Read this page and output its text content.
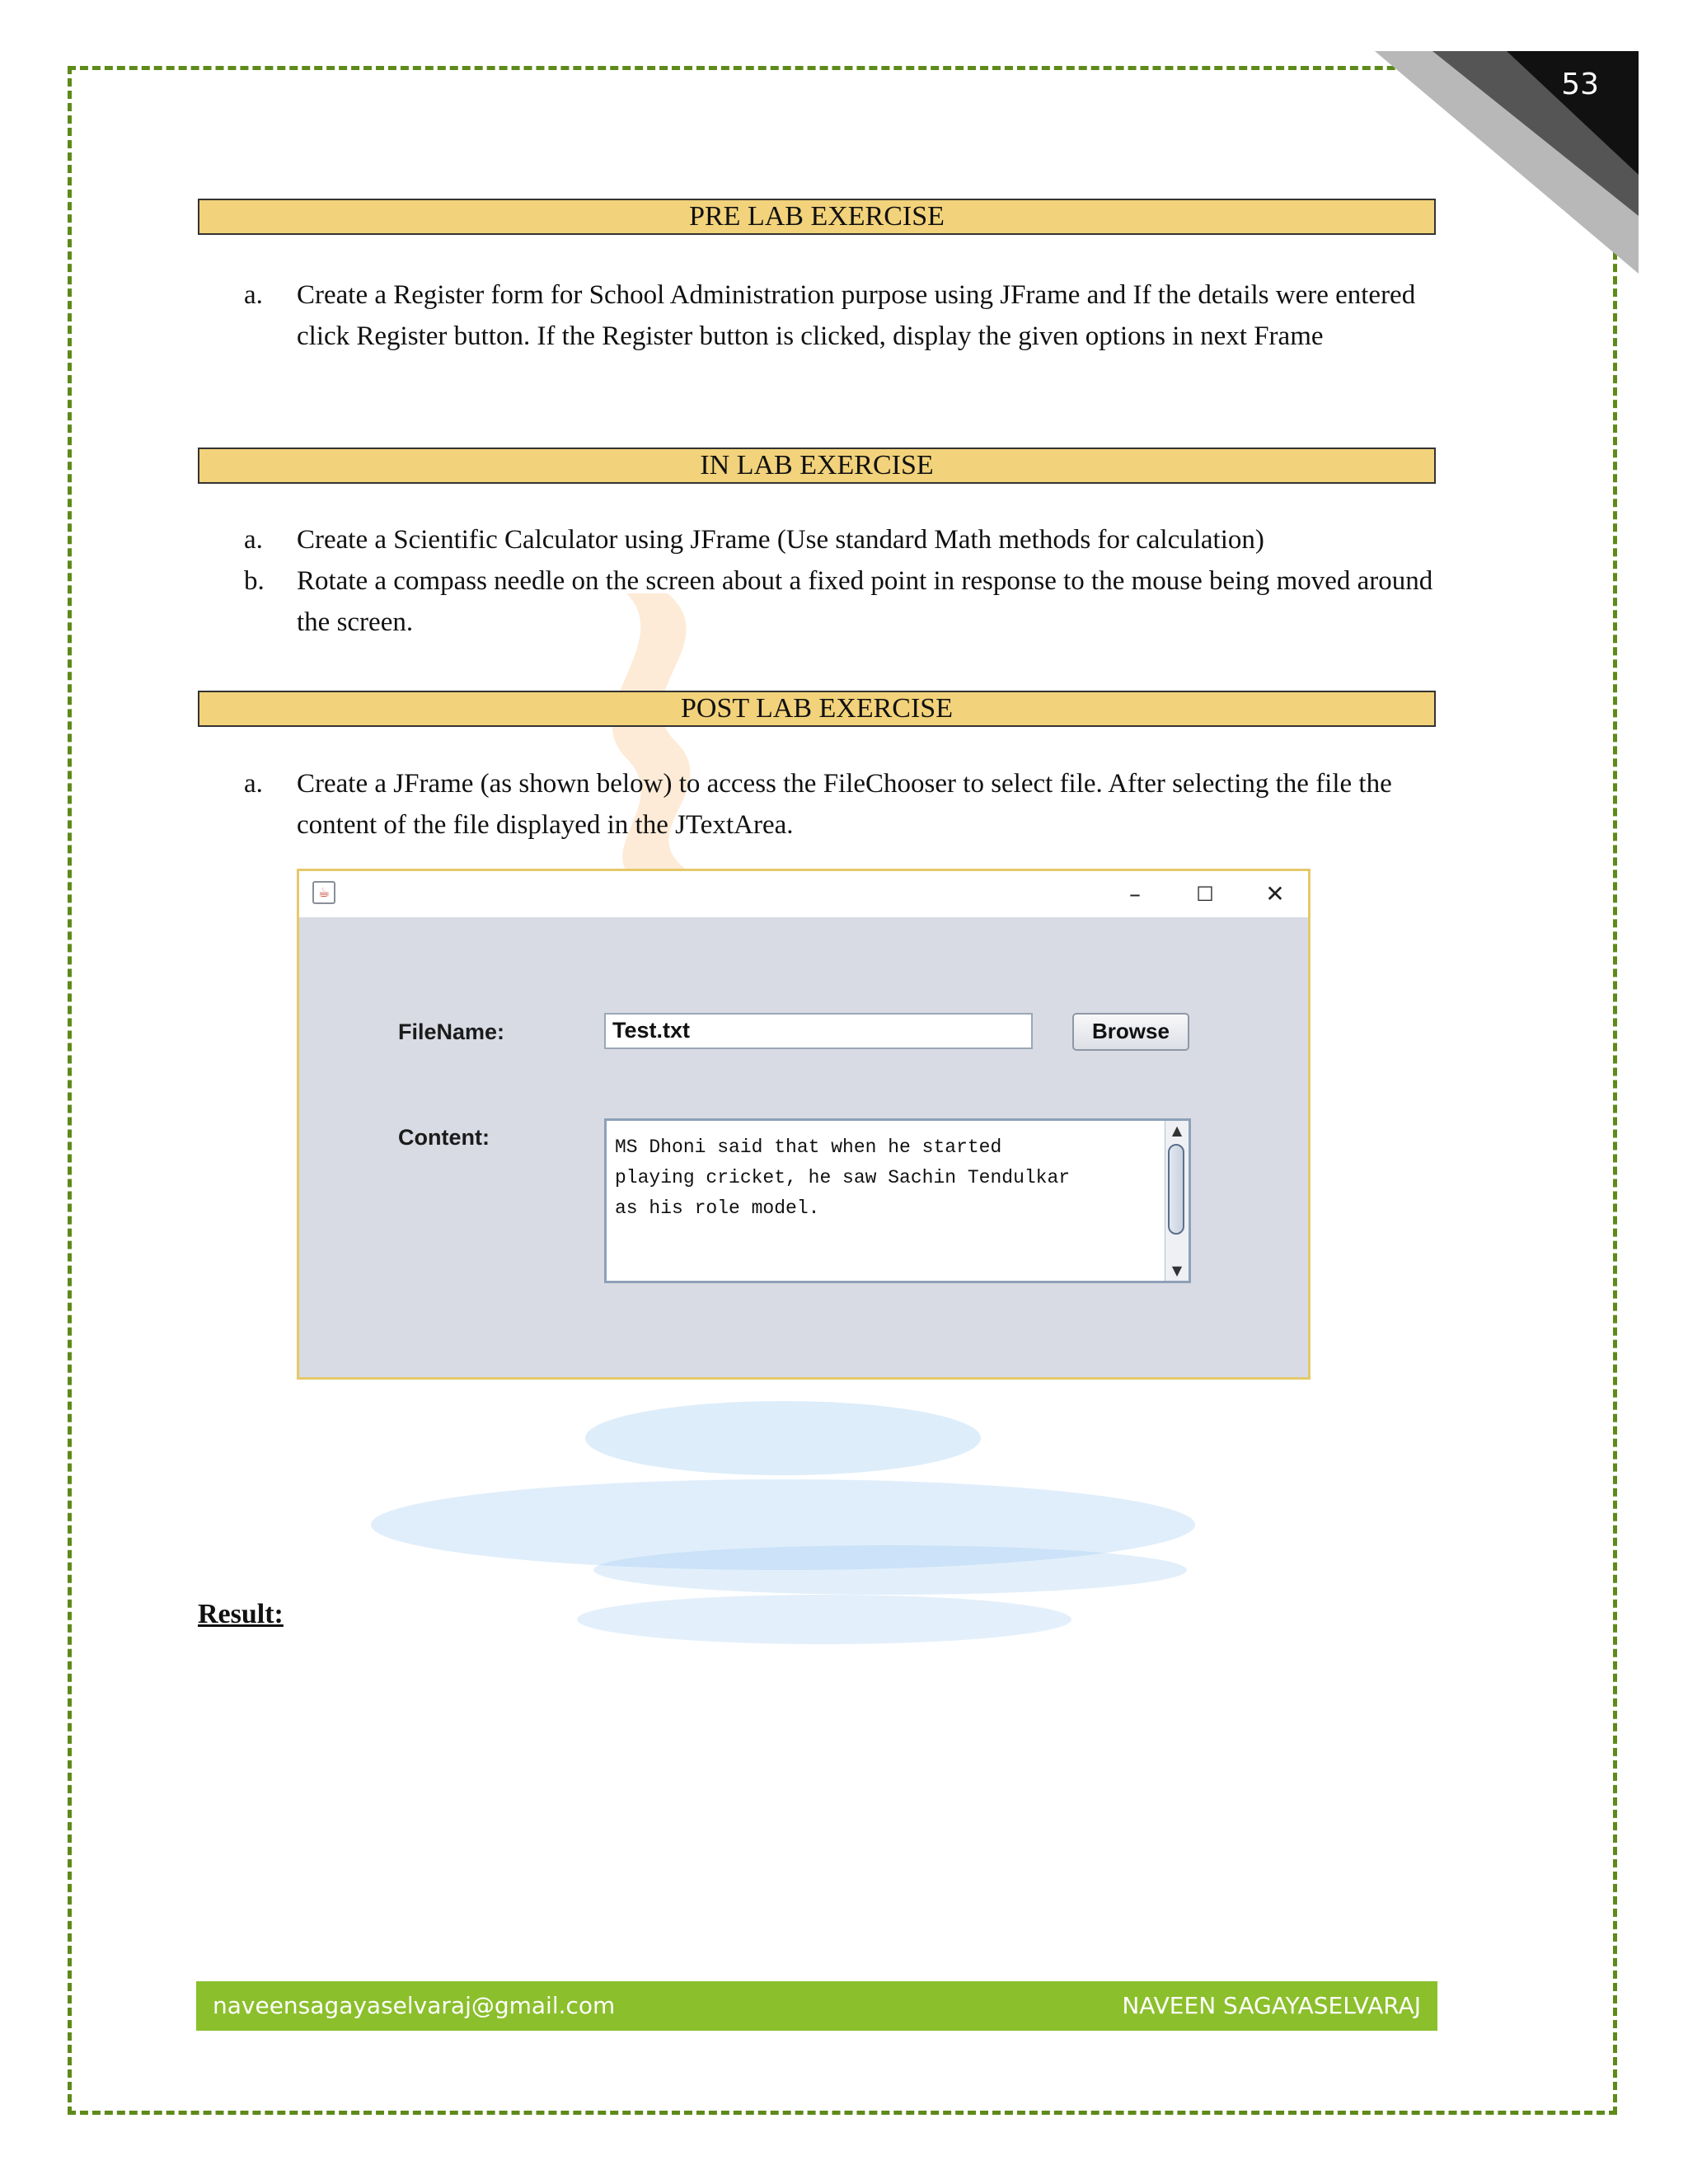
53
PRE LAB EXERCISE
a. Create a Register form for School Administration purpose using JFrame and If the details were entered click Register button. If the Register button is clicked, display the given options in next Frame
IN LAB EXERCISE
a. Create a Scientific Calculator using JFrame (Use standard Math methods for calculation)
b. Rotate a compass needle on the screen about a fixed point in response to the mouse being moved around the screen.
POST LAB EXERCISE
a. Create a JFrame (as shown below) to access the FileChooser to select file. After selecting the file the content of the file displayed in the JTextArea.
☕	–	☐	✕
FileName:	Test.txt	Browse
Content:	MS Dhoni said that when he started
playing cricket, he saw Sachin Tendulkar
as his role model.
▲
▼
Result:
naveensagayaselvaraj@gmail.com	NAVEEN SAGAYASELVARAJ
